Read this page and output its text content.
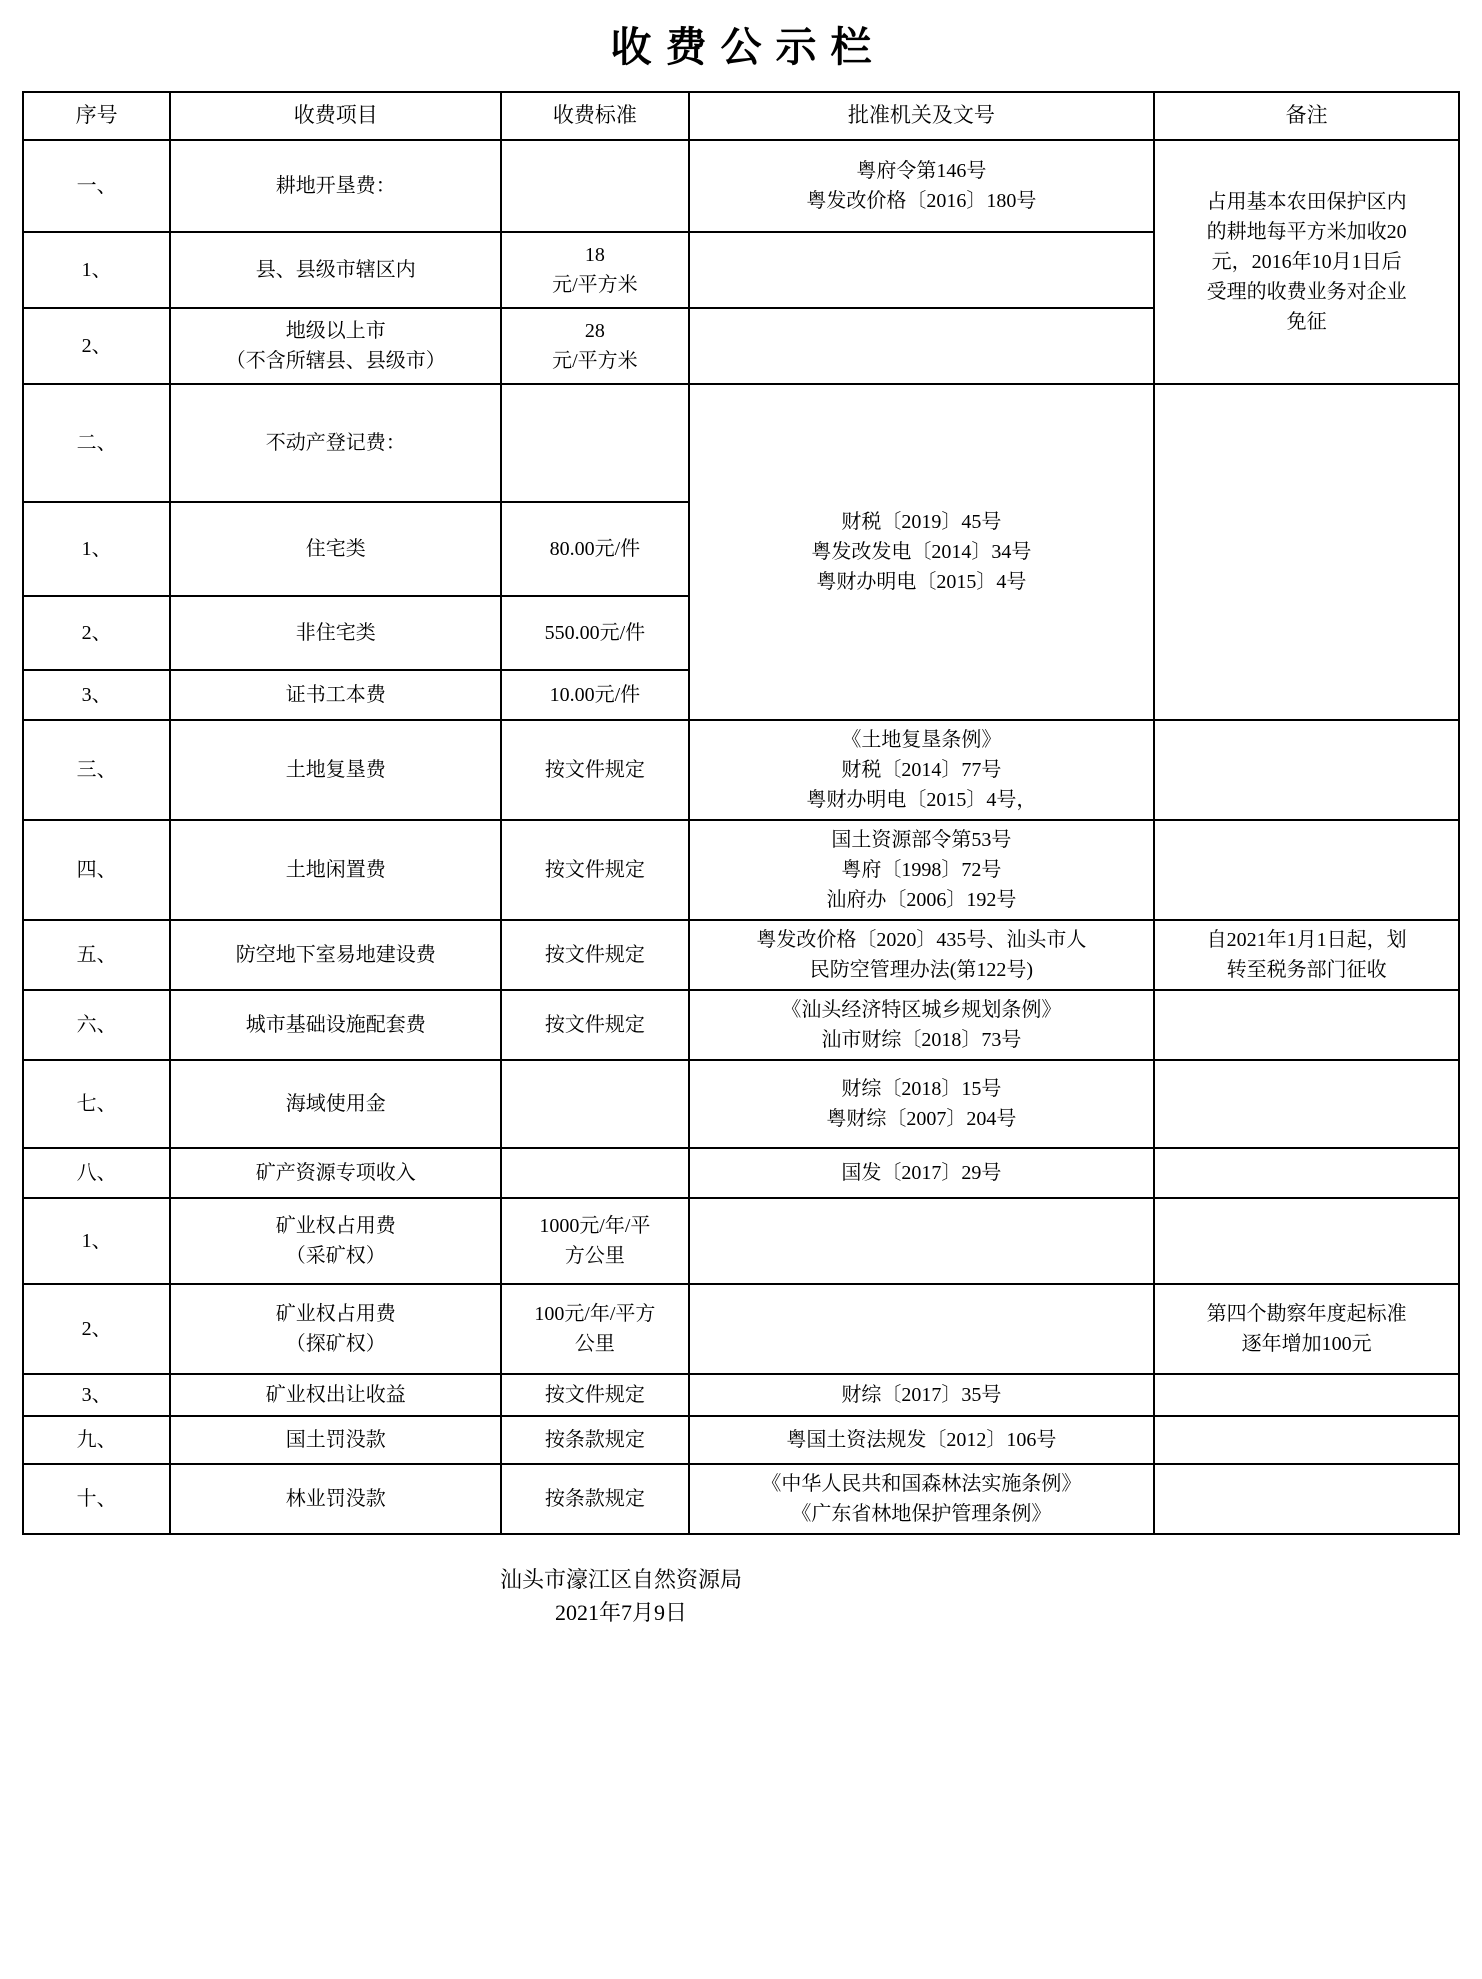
收费公示栏
序号	收费项目	收费标准	批准机关及文号	备注
一、	耕地开垦费：		粤府令第146号
粤发改价格〔2016〕180号	占用基本农田保护区内
的耕地每平方米加收20
元，2016年10月1日后
受理的收费业务对企业
免征

1、	县、县级市辖区内	18
元/平方米		

2、	地级以上市
（不含所辖县、县级市）	28
元/平方米		

二、	不动产登记费：		财税〔2019〕45号
粤发改发电〔2014〕34号
粤财办明电〔2015〕4号	

1、	住宅类	80.00元/件		
2、	非住宅类	550.00元/件		
3、	证书工本费	10.00元/件		
三、	土地复垦费	按文件规定	《土地复垦条例》
财税〔2014〕77号
粤财办明电〔2015〕4号，	

四、	土地闲置费	按文件规定	国土资源部令第53号
粤府〔1998〕72号
汕府办〔2006〕192号	

五、	防空地下室易地建设费	按文件规定	粤发改价格〔2020〕435号、汕头市人
民防空管理办法(第122号)	自2021年1月1日起，划
转至税务部门征收

六、	城市基础设施配套费	按文件规定	《汕头经济特区城乡规划条例》
汕市财综〔2018〕73号	

七、	海域使用金		财综〔2018〕15号
粤财综〔2007〕204号	

八、	矿产资源专项收入		国发〔2017〕29号	
1、	矿业权占用费
（采矿权）	1000元/年/平
方公里		

2、	矿业权占用费
（探矿权）	100元/年/平方
公里		第四个勘察年度起标准
逐年增加100元

3、	矿业权出让收益	按文件规定	财综〔2017〕35号	
九、	国土罚没款	按条款规定	粤国土资法规发〔2012〕106号	
十、	林业罚没款	按条款规定	《中华人民共和国森林法实施条例》
《广东省林地保护管理条例》	

汕头市濠江区自然资源局
2021年7月9日
